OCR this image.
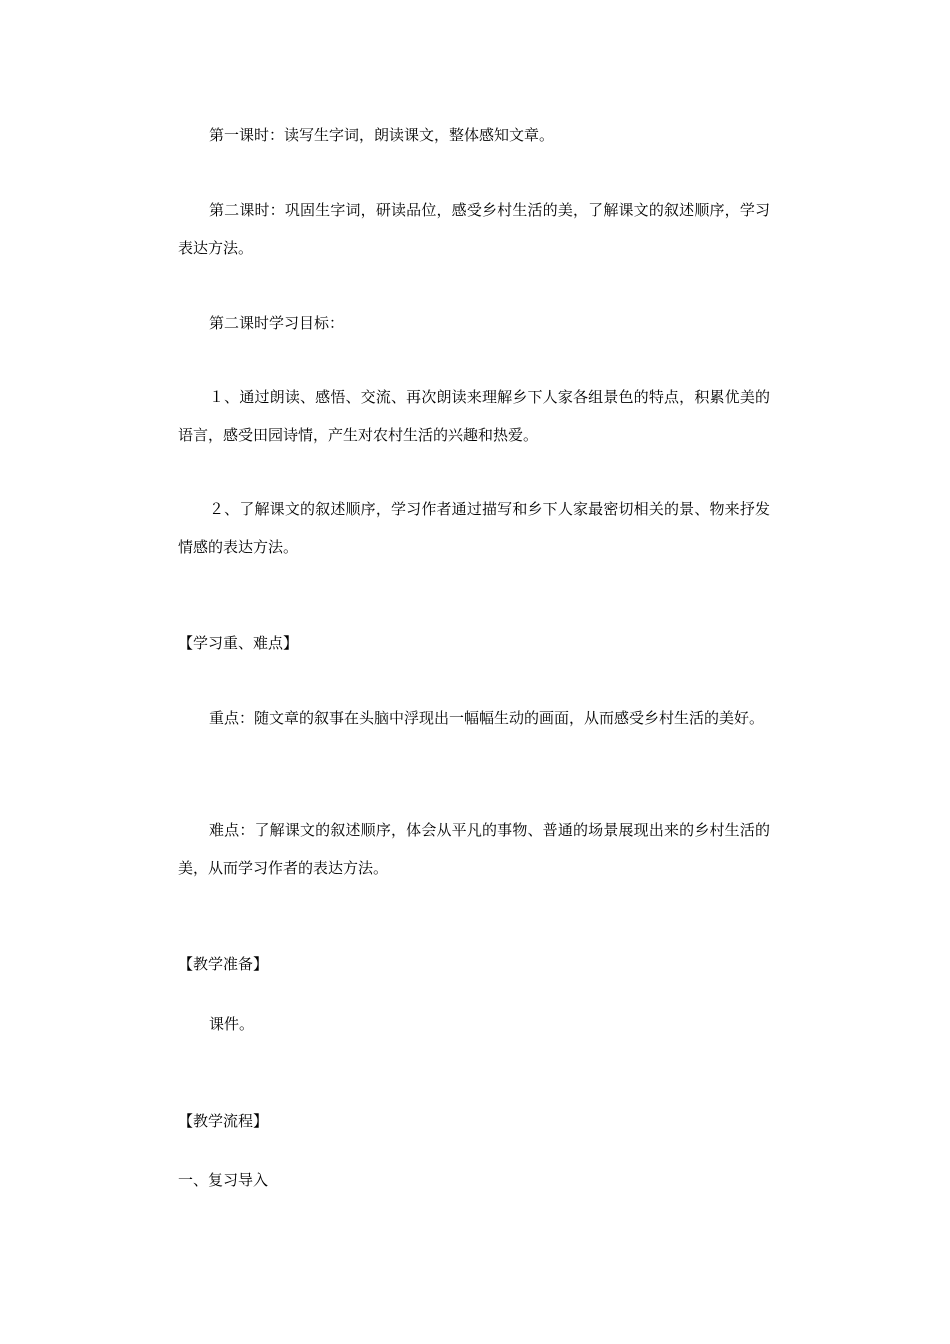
第一课时：读写生字词，朗读课文，整体感知文章。

第二课时：巩固生字词，研读品位，感受乡村生活的美，了解课文的叙述顺序，学习表达方法。

第二课时学习目标：

１、通过朗读、感悟、交流、再次朗读来理解乡下人家各组景色的特点，积累优美的语言，感受田园诗情，产生对农村生活的兴趣和热爱。

２、了解课文的叙述顺序，学习作者通过描写和乡下人家最密切相关的景、物来抒发情感的表达方法。

【学习重、难点】

重点：随文章的叙事在头脑中浮现出一幅幅生动的画面，从而感受乡村生活的美好。

难点：了解课文的叙述顺序，体会从平凡的事物、普通的场景展现出来的乡村生活的美，从而学习作者的表达方法。

【教学准备】

课件。

【教学流程】

一、复习导入
